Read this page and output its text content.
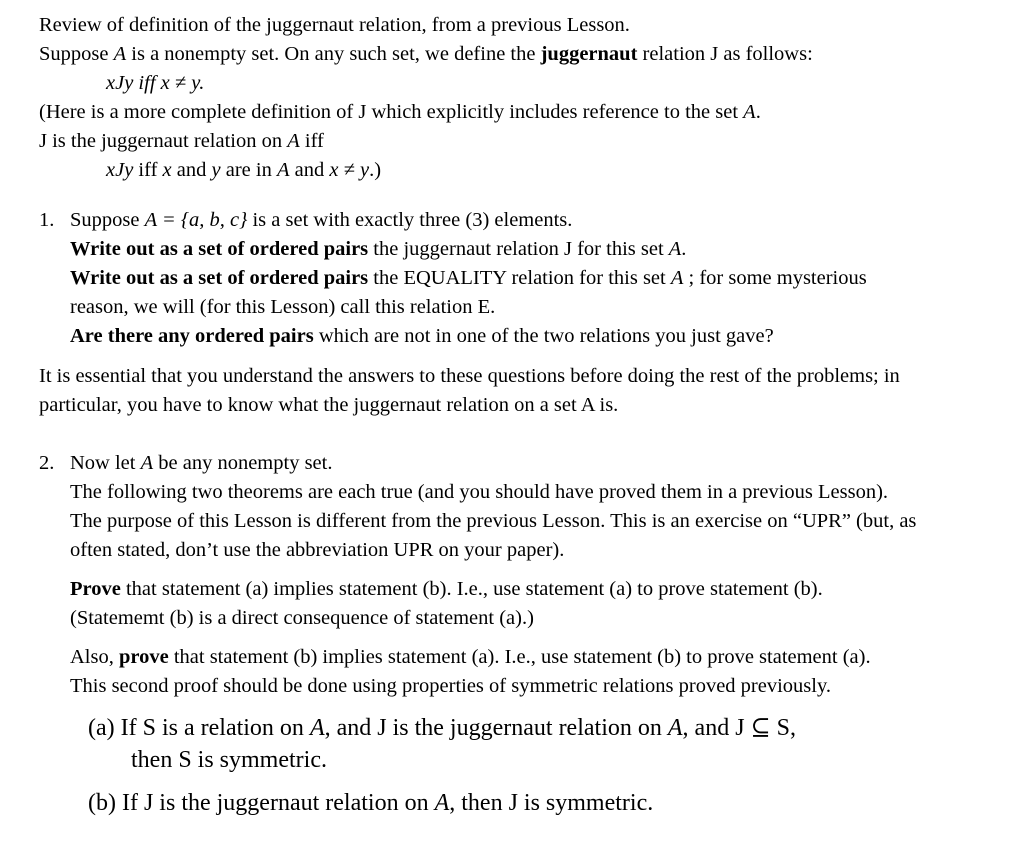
Review of definition of the juggernaut relation, from a previous Lesson.
Suppose A is a nonempty set. On any such set, we define the juggernaut relation J as follows:
xJy iff x ≠ y.
(Here is a more complete definition of J which explicitly includes reference to the set A.
J is the juggernaut relation on A iff
xJy iff x and y are in A and x ≠ y.)
1. Suppose A = {a, b, c} is a set with exactly three (3) elements.
Write out as a set of ordered pairs the juggernaut relation J for this set A.
Write out as a set of ordered pairs the EQUALITY relation for this set A ; for some mysterious
reason, we will (for this Lesson) call this relation E.
Are there any ordered pairs which are not in one of the two relations you just gave?
It is essential that you understand the answers to these questions before doing the rest of the problems; in
particular, you have to know what the juggernaut relation on a set A is.
2. Now let A be any nonempty set.
The following two theorems are each true (and you should have proved them in a previous Lesson).
The purpose of this Lesson is different from the previous Lesson. This is an exercise on “UPR” (but, as
often stated, don’t use the abbreviation UPR on your paper).
Prove that statement (a) implies statement (b). I.e., use statement (a) to prove statement (b).
(Statememt (b) is a direct consequence of statement (a).)
Also, prove that statement (b) implies statement (a). I.e., use statement (b) to prove statement (a).
This second proof should be done using properties of symmetric relations proved previously.
(a) If S is a relation on A, and J is the juggernaut relation on A, and J ⊆ S,
then S is symmetric.
(b) If J is the juggernaut relation on A, then J is symmetric.
